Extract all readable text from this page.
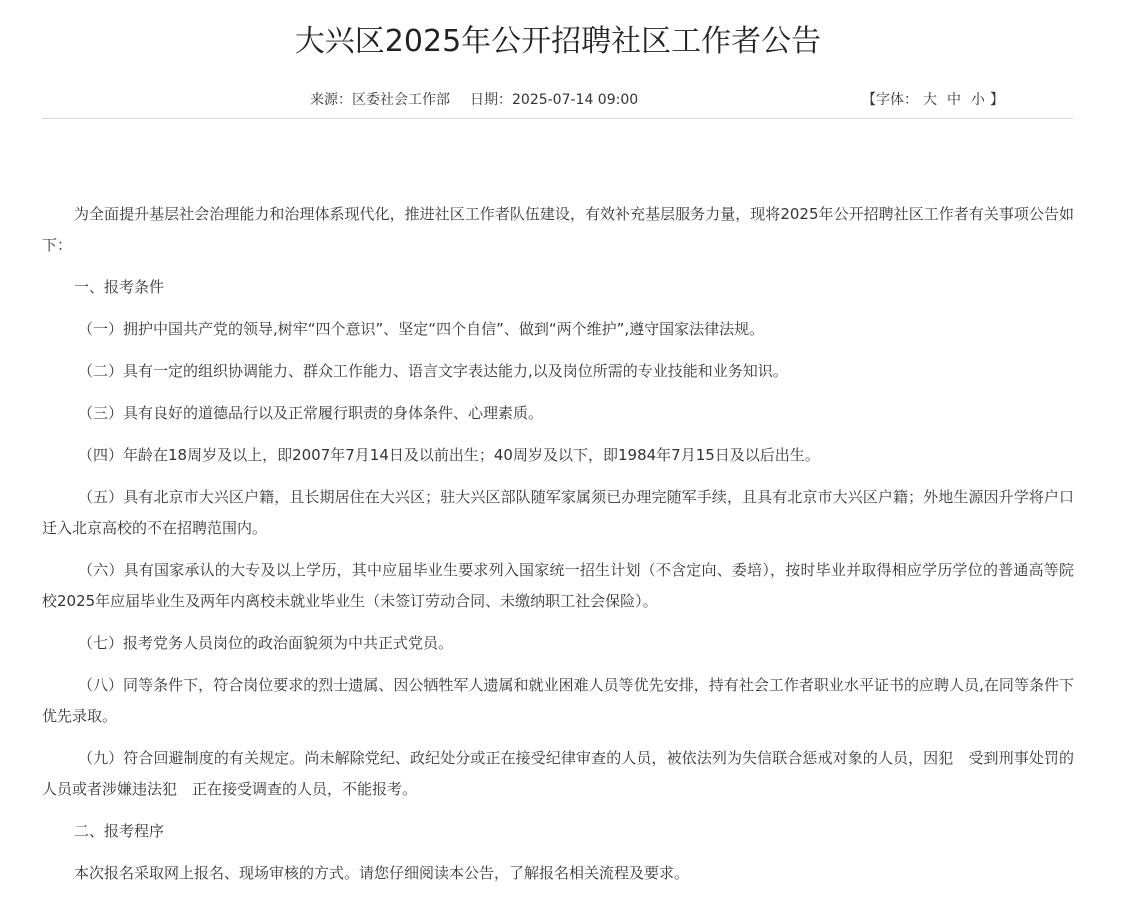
大兴区2025年公开招聘社区工作者公告
来源：区委社会工作部 日期：2025-07-14 09:00	【字体： 大 中 小 】

为全面提升基层社会治理能力和治理体系现代化，推进社区工作者队伍建设，有效补充基层服务力量，现将2025年公开招聘社区工作者有关事项公告如下：

一、报考条件

（一）拥护中国共产党的领导,树牢“四个意识”、坚定“四个自信”、做到“两个维护”,遵守国家法律法规。

（二）具有一定的组织协调能力、群众工作能力、语言文字表达能力,以及岗位所需的专业技能和业务知识。

（三）具有良好的道德品行以及正常履行职责的身体条件、心理素质。

（四）年龄在18周岁及以上，即2007年7月14日及以前出生；40周岁及以下，即1984年7月15日及以后出生。

（五）具有北京市大兴区户籍，且长期居住在大兴区；驻大兴区部队随军家属须已办理完随军手续，且具有北京市大兴区户籍；外地生源因升学将户口迁入北京高校的不在招聘范围内。

（六）具有国家承认的大专及以上学历，其中应届毕业生要求列入国家统一招生计划（不含定向、委培），按时毕业并取得相应学历学位的普通高等院校2025年应届毕业生及两年内离校未就业毕业生（未签订劳动合同、未缴纳职工社会保险）。

（七）报考党务人员岗位的政治面貌须为中共正式党员。

（八）同等条件下，符合岗位要求的烈士遗属、因公牺牲军人遗属和就业困难人员等优先安排，持有社会工作者职业水平证书的应聘人员,在同等条件下优先录取。

（九）符合回避制度的有关规定。尚未解除党纪、政纪处分或正在接受纪律审查的人员，被依法列为失信联合惩戒对象的人员，因犯　受到刑事处罚的人员或者涉嫌违法犯　正在接受调查的人员，不能报考。

二、报考程序

本次报名采取网上报名、现场审核的方式。请您仔细阅读本公告，了解报名相关流程及要求。
